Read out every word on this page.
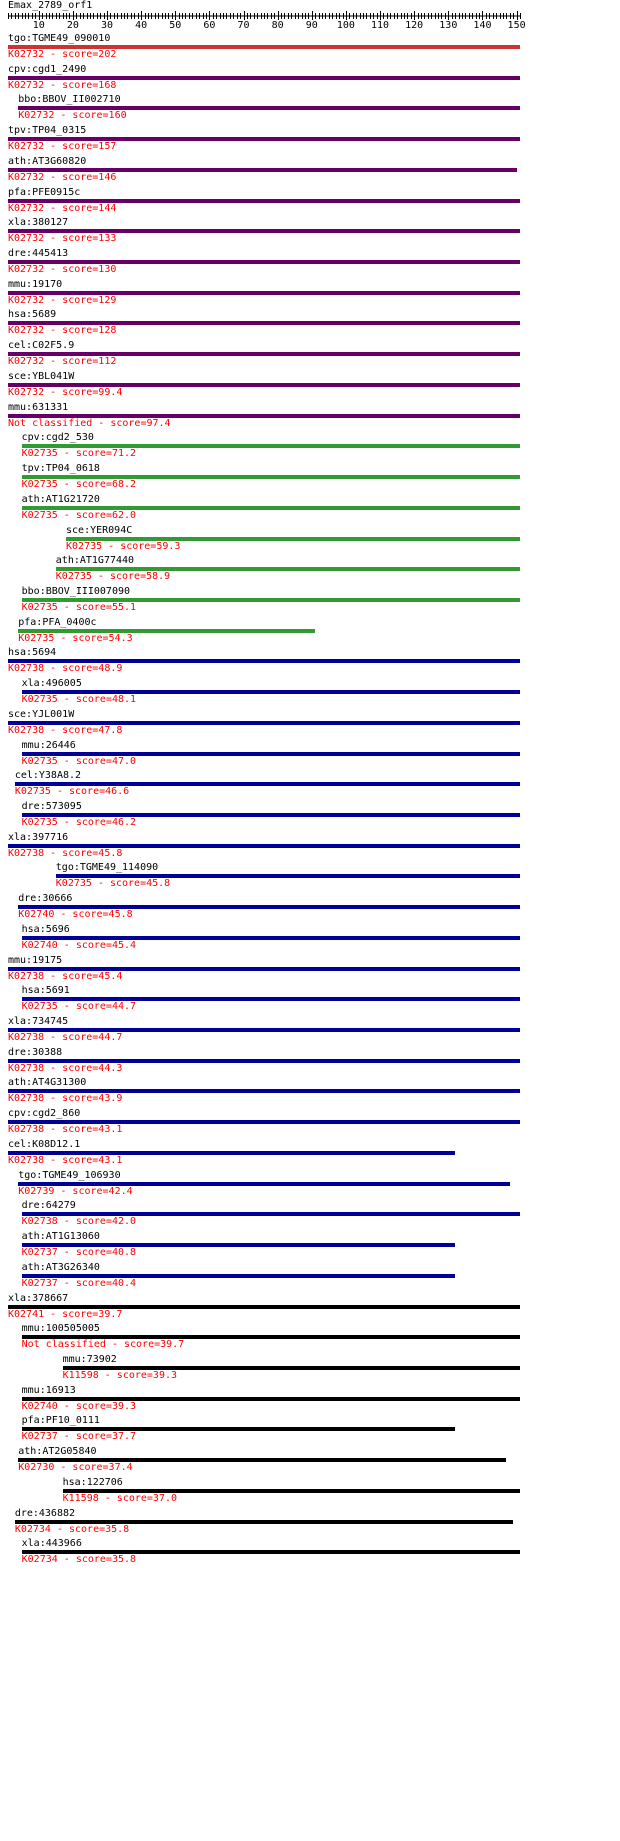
Emax_2789_orf1
10 20 30 40 50 60 70 80 90 100 110 120 130 140 150
tgo:TGME49_090010
K02732 - score=202
cpv:cgd1_2490
K02732 - score=168
bbo:BBOV_II002710
K02732 - score=160
tpv:TP04_0315
K02732 - score=157
ath:AT3G60820
K02732 - score=146
pfa:PFE0915c
K02732 - score=144
xla:380127
K02732 - score=133
dre:445413
K02732 - score=130
mmu:19170
K02732 - score=129
hsa:5689
K02732 - score=128
cel:C02F5.9
K02732 - score=112
sce:YBL041W
K02732 - score=99.4
mmu:631331
Not classified - score=97.4
cpv:cgd2_530
K02735 - score=71.2
tpv:TP04_0618
K02735 - score=68.2
ath:AT1G21720
K02735 - score=62.0
sce:YER094C
K02735 - score=59.3
ath:AT1G77440
K02735 - score=58.9
bbo:BBOV_III007090
K02735 - score=55.1
pfa:PFA_0400c
K02735 - score=54.3
hsa:5694
K02738 - score=48.9
xla:496005
K02735 - score=48.1
sce:YJL001W
K02738 - score=47.8
mmu:26446
K02735 - score=47.0
cel:Y38A8.2
K02735 - score=46.6
dre:573095
K02735 - score=46.2
xla:397716
K02738 - score=45.8
tgo:TGME49_114090
K02735 - score=45.8
dre:30666
K02740 - score=45.8
hsa:5696
K02740 - score=45.4
mmu:19175
K02738 - score=45.4
hsa:5691
K02735 - score=44.7
xla:734745
K02738 - score=44.7
dre:30388
K02738 - score=44.3
ath:AT4G31300
K02738 - score=43.9
cpv:cgd2_860
K02738 - score=43.1
cel:K08D12.1
K02738 - score=43.1
tgo:TGME49_106930
K02739 - score=42.4
dre:64279
K02738 - score=42.0
ath:AT1G13060
K02737 - score=40.8
ath:AT3G26340
K02737 - score=40.4
xla:378667
K02741 - score=39.7
mmu:100505005
Not classified - score=39.7
mmu:73902
K11598 - score=39.3
mmu:16913
K02740 - score=39.3
pfa:PF10_0111
K02737 - score=37.7
ath:AT2G05840
K02730 - score=37.4
hsa:122706
K11598 - score=37.0
dre:436882
K02734 - score=35.8
xla:443966
K02734 - score=35.8
